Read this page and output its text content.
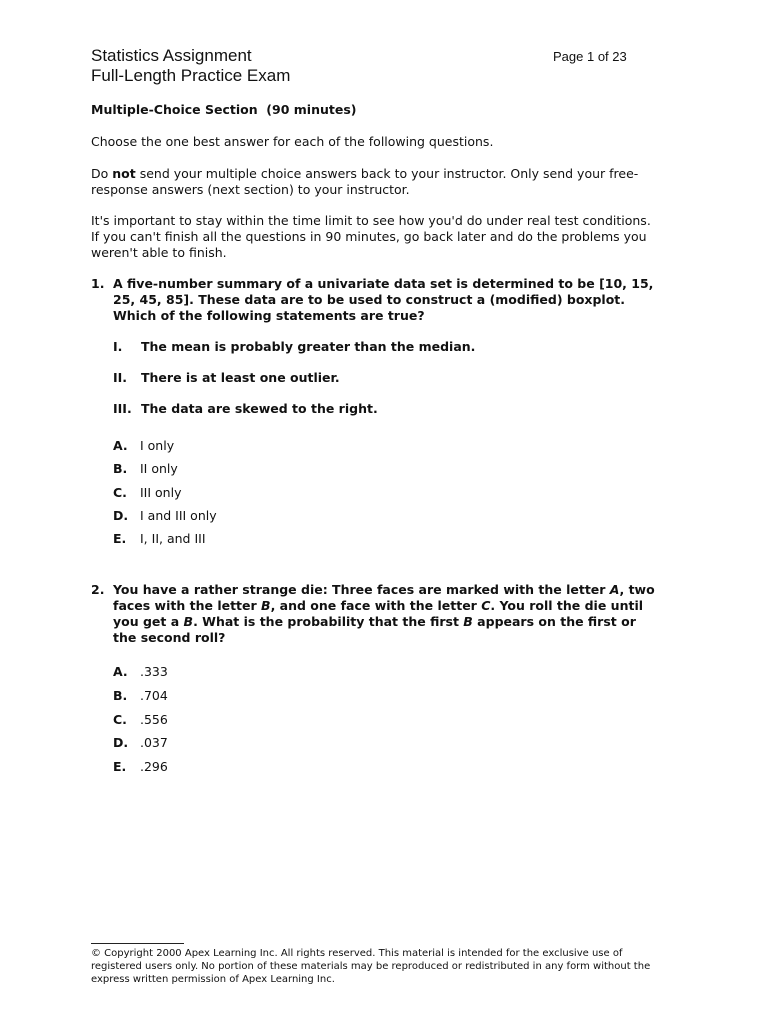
Statistics Assignment
Full-Length Practice Exam
Page 1 of 23
Multiple-Choice Section  (90 minutes)
Choose the one best answer for each of the following questions.
Do not send your multiple choice answers back to your instructor. Only send your free-response answers (next section) to your instructor.
It's important to stay within the time limit to see how you'd do under real test conditions. If you can't finish all the questions in 90 minutes, go back later and do the problems you weren't able to finish.
1. A five-number summary of a univariate data set is determined to be [10, 15, 25, 45, 85]. These data are to be used to construct a (modified) boxplot. Which of the following statements are true?
I. The mean is probably greater than the median.
II. There is at least one outlier.
III. The data are skewed to the right.
A. I only
B. II only
C. III only
D. I and III only
E. I, II, and III
2. You have a rather strange die: Three faces are marked with the letter A, two faces with the letter B, and one face with the letter C. You roll the die until you get a B. What is the probability that the first B appears on the first or the second roll?
A. .333
B. .704
C. .556
D. .037
E. .296
© Copyright 2000 Apex Learning Inc. All rights reserved. This material is intended for the exclusive use of registered users only. No portion of these materials may be reproduced or redistributed in any form without the express written permission of Apex Learning Inc.
